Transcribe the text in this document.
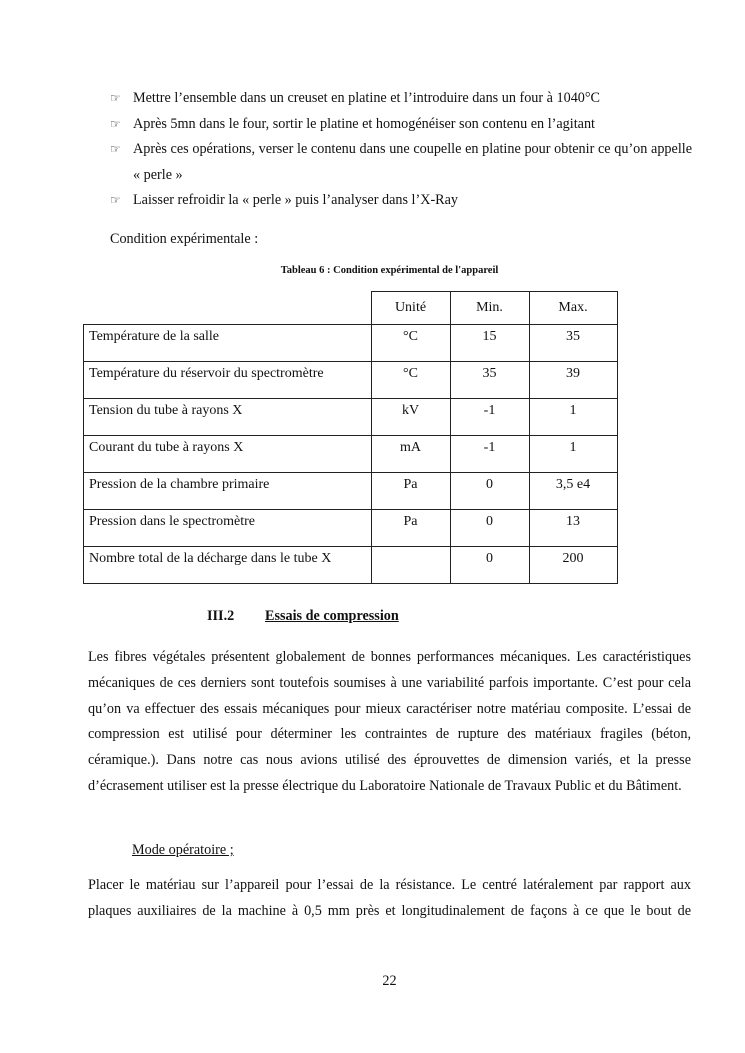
☞ Mettre l’ensemble dans un creuset en platine et l’introduire dans un four à 1040°C
☞ Après 5mn dans le four, sortir le platine et homogénéiser son contenu en l’agitant
☞ Après ces opérations, verser le contenu dans une coupelle en platine pour obtenir ce qu’on appelle « perle »
☞ Laisser refroidir la « perle » puis l’analyser dans l’X-Ray
Condition expérimentale :
Tableau 6 : Condition expérimental de l'appareil
	Unité	Min.	Max.
Température de la salle	°C	15	35
Température du réservoir du spectromètre	°C	35	39
Tension du tube à rayons X	kV	-1	1
Courant du tube à rayons X	mA	-1	1
Pression de la chambre primaire	Pa	0	3,5 e4
Pression dans le spectromètre	Pa	0	13
Nombre total de la décharge dans le tube X		0	200
III.2 Essais de compression

Les fibres végétales présentent globalement de bonnes performances mécaniques. Les caractéristiques mécaniques de ces derniers sont toutefois soumises à une variabilité parfois importante. C’est pour cela qu’on va effectuer des essais mécaniques pour mieux caractériser notre matériau composite. L’essai de compression est utilisé pour déterminer les contraintes de rupture des matériaux fragiles (béton, céramique.). Dans notre cas nous avions utilisé des éprouvettes de dimension variés, et la presse d’écrasement utiliser est la presse électrique du Laboratoire Nationale de Travaux Public et du Bâtiment.

Mode opératoire ;

Placer le matériau sur l’appareil pour l’essai de la résistance. Le centré latéralement par rapport aux plaques auxiliaires de la machine à 0,5 mm près et longitudinalement de façons à ce que le bout de

22
